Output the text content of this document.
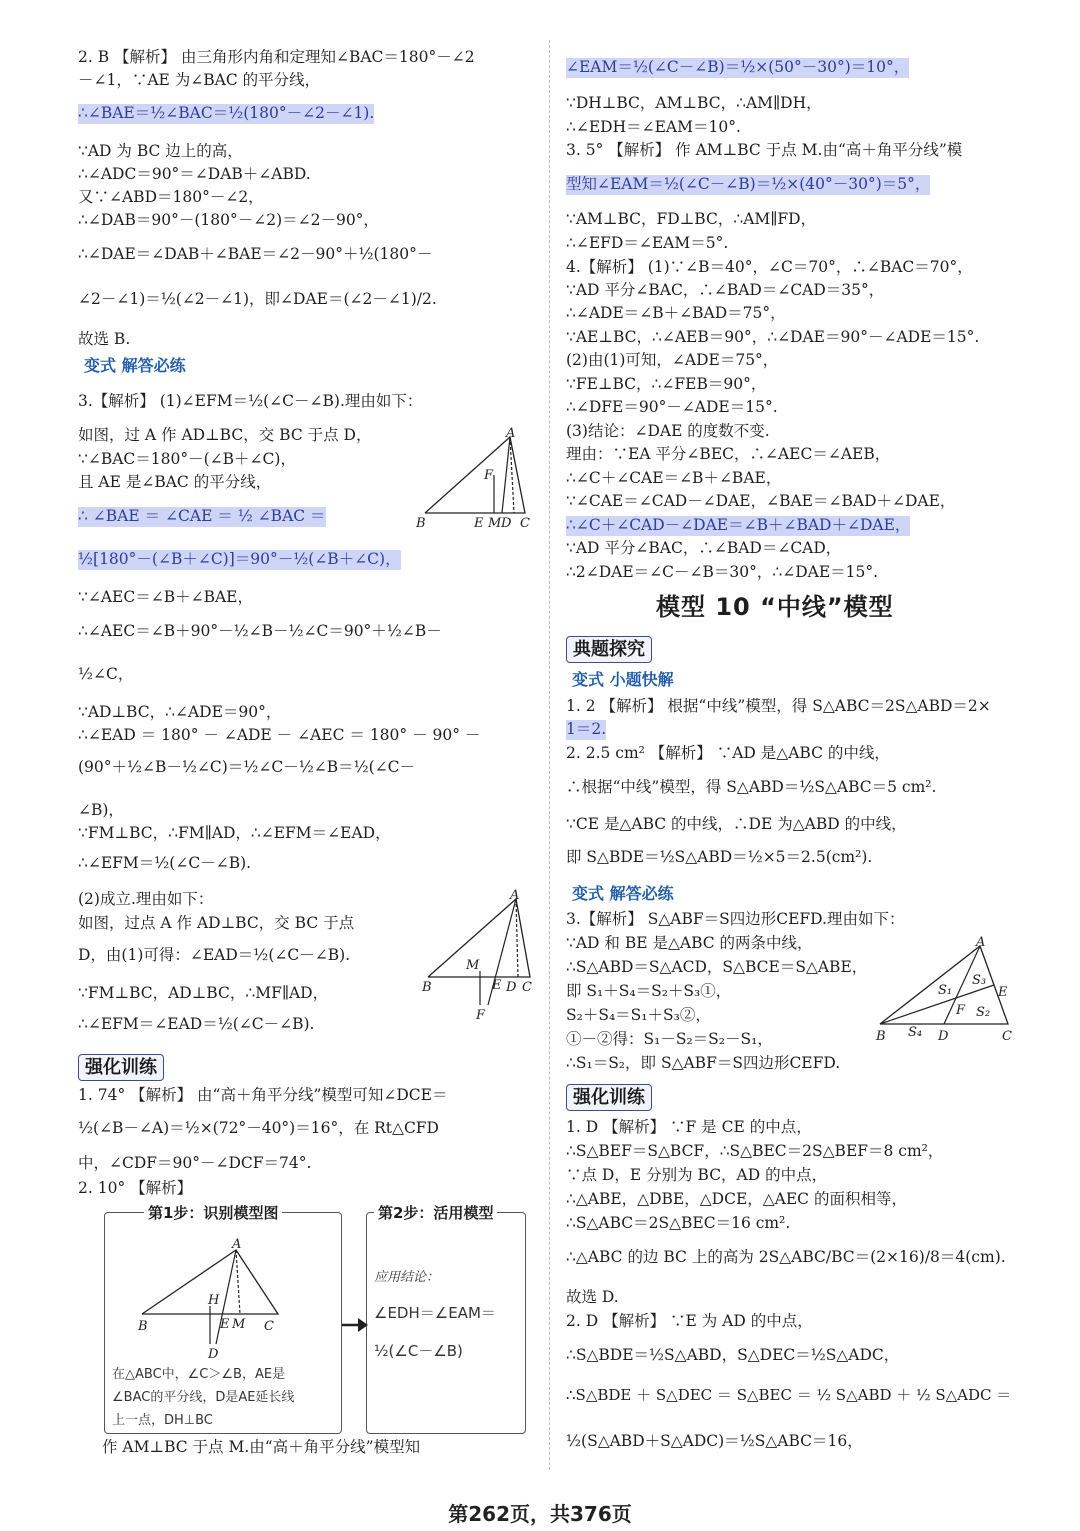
2. B 【解析】 由三角形内角和定理知∠BAC＝180°－∠2
－∠1，∵AE 为∠BAC 的平分线，
∴∠BAE＝½∠BAC＝½(180°－∠2－∠1).
∵AD 为 BC 边上的高，
∴∠ADC＝90°＝∠DAB＋∠ABD.
又∵∠ABD＝180°－∠2，
∴∠DAB＝90°－(180°－∠2)＝∠2－90°，
∴∠DAE＝∠DAB＋∠BAE＝∠2－90°＋½(180°－
∠2－∠1)＝½(∠2－∠1)，即∠DAE＝(∠2－∠1)/2.
故选 B.
变式 解答必练
3.【解析】 (1)∠EFM＝½(∠C－∠B).理由如下：
如图，过 A 作 AD⊥BC，交 BC 于点 D，
∵∠BAC＝180°－(∠B＋∠C)，
且 AE 是∠BAC 的平分线，
∴ ∠BAE ＝ ∠CAE ＝ ½ ∠BAC ＝
½[180°－(∠B＋∠C)]＝90°－½(∠B＋∠C)，
∵∠AEC＝∠B＋∠BAE，
∴∠AEC＝∠B＋90°－½∠B－½∠C＝90°＋½∠B－
½∠C，
∵AD⊥BC，∴∠ADE＝90°，
∴∠EAD ＝ 180° － ∠ADE － ∠AEC ＝ 180° － 90° －
(90°＋½∠B－½∠C)＝½∠C－½∠B＝½(∠C－
∠B)，
∵FM⊥BC，∴FM∥AD，∴∠EFM＝∠EAD，
∴∠EFM＝½(∠C－∠B).
(2)成立.理由如下：
如图，过点 A 作 AD⊥BC，交 BC 于点
D，由(1)可得：∠EAD＝½(∠C－∠B).
∵FM⊥BC，AD⊥BC，∴MF∥AD，
∴∠EFM＝∠EAD＝½(∠C－∠B).
强化训练
1. 74° 【解析】 由“高＋角平分线”模型可知∠DCE＝
½(∠B－∠A)＝½×(72°－40°)＝16°，在 Rt△CFD
中，∠CDF＝90°－∠DCF＝74°.
2. 10° 【解析】
作 AM⊥BC 于点 M.由“高＋角平分线”模型知
∠EAM＝½(∠C－∠B)＝½×(50°－30°)＝10°，
∵DH⊥BC，AM⊥BC，∴AM∥DH，
∴∠EDH＝∠EAM＝10°.
3. 5° 【解析】 作 AM⊥BC 于点 M.由“高＋角平分线”模
型知∠EAM＝½(∠C－∠B)＝½×(40°－30°)＝5°，
∵AM⊥BC，FD⊥BC，∴AM∥FD，
∴∠EFD＝∠EAM＝5°.
4.【解析】 (1)∵∠B＝40°，∠C＝70°，∴∠BAC＝70°，
∵AD 平分∠BAC，∴∠BAD＝∠CAD＝35°，
∴∠ADE＝∠B＋∠BAD＝75°，
∵AE⊥BC，∴∠AEB＝90°，∴∠DAE＝90°－∠ADE＝15°.
(2)由(1)可知，∠ADE＝75°，
∵FE⊥BC，∴∠FEB＝90°，
∴∠DFE＝90°－∠ADE＝15°.
(3)结论：∠DAE 的度数不变.
理由：∵EA 平分∠BEC，∴∠AEC＝∠AEB，
∴∠C＋∠CAE＝∠B＋∠BAE，
∵∠CAE＝∠CAD－∠DAE，∠BAE＝∠BAD＋∠DAE，
∴∠C＋∠CAD－∠DAE＝∠B＋∠BAD＋∠DAE，
∵AD 平分∠BAC，∴∠BAD＝∠CAD，
∴2∠DAE＝∠C－∠B＝30°，∴∠DAE＝15°.
模型 10 “中线”模型
典题探究
变式 小题快解
1. 2 【解析】 根据“中线”模型，得 S△ABC＝2S△ABD＝2×
1＝2.
2. 2.5 cm² 【解析】 ∵AD 是△ABC 的中线，
∴根据“中线”模型，得 S△ABD＝½S△ABC＝5 cm².
∵CE 是△ABC 的中线，∴DE 为△ABD 的中线，
即 S△BDE＝½S△ABD＝½×5＝2.5(cm²).
变式 解答必练
3.【解析】 S△ABF＝S四边形CEFD.理由如下：
∵AD 和 BE 是△ABC 的两条中线，
∴S△ABD＝S△ACD，S△BCE＝S△ABE，
即 S₁＋S₄＝S₂＋S₃①，
S₂＋S₄＝S₁＋S₃②，
①－②得：S₁－S₂＝S₂－S₁，
∴S₁＝S₂，即 S△ABF＝S四边形CEFD.
强化训练
1. D 【解析】 ∵F 是 CE 的中点，
∴S△BEF＝S△BCF，∴S△BEC＝2S△BEF＝8 cm²，
∵点 D，E 分别为 BC，AD 的中点，
∴△ABE，△DBE，△DCE，△AEC 的面积相等，
∴S△ABC＝2S△BEC＝16 cm².
∴△ABC 的边 BC 上的高为 2S△ABC/BC＝(2×16)/8＝4(cm).
故选 D.
2. D 【解析】 ∵E 为 AD 的中点，
∴S△BDE＝½S△ABD，S△DEC＝½S△ADC，
∴S△BDE ＋ S△DEC ＝ S△BEC ＝ ½ S△ABD ＋ ½ S△ADC ＝
½(S△ABD＋S△ADC)＝½S△ABC＝16，
A
F
B	E M D C
A
M
B	E D C
F
第1步：识别模型图	第2步：活用模型
A
H
B	E M C
D
在△ABC中，∠C＞∠B，AE是
∠BAC的平分线，D是AE延长线
上一点，DH⊥BC
应用结论：
∠EDH＝∠EAM＝
½(∠C－∠B)
A
S₁
S₃
E
F S₂
B S₄ D	C
第262页，共376页
